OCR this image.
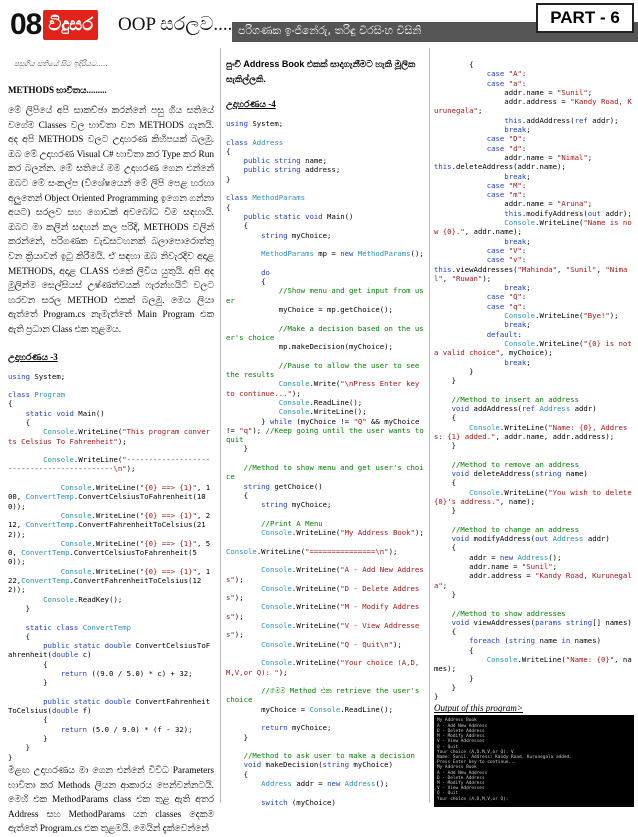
08 විදුසර OOP සරලව.... පරිගණක ඉංජිනේරු, තරිඳු වීරසිංහ විසිනි
PART - 6
පසුගිය සතියේ සිට ඉදිරියට.....
METHODS භාවිතය.........
මේ ලිපියේ අපි සාකච්ඡා කරන්නේ පසු ගිය සතියේ වගේම Classes වල භාවිතා වන METHODS ගැනයි. අද අපි METHODS වලට උදාහරණ කිහිපයක් බලමු. ඔබ මේ උදාහරණ Visual C# භාවිතා කර Type කර Run කර බලන්න. මේ සතියේ මම උදාහරණ ගෙන එන්නේ ඔබට මේ සංකල්ප (විශේෂයෙන් මේ ලිපි පෙළ හරහා අලුතෙන් Object Oriented Programming ඉගෙන ගන්නා අයට) සරලව සහ ගොඩක් අවබෝධ වීම සඳහායි. ඔබට මා කලින් සඳහන් කල පරිදි, METHODS වලින් කරන්නේ, පරිගණක වැඩසටහනක් බලාපොරොත්තු වන ක්‍රියාවන් ඉටු කිරීමයි. ඒ සඳහා ඔබ නිවැරදිව අදාළ METHODS, අදාළ CLASS එකේ ලිවිය යුතුයි. අපි අද මුලින්ම සෙල්සියස් උෂ්ණත්වයක් ෆැරන්හයිට් වලට හරවන සරල METHOD එකක් බලමු. මෙය ලියා ඇත්තේ Program.cs නැමැත්තේ Main Program එක ඇති ප්‍රධාන Class එක තුළමය.
උදාහරණය -3
using System;

class Program
{
static void Main()
{
Console.WriteLine("This program converts Celsius To Fahrenheit");

Console.WriteLine("-------------------------------------------\n");

Console.WriteLine("{0} ==> {1}", 100, ConvertTemp.ConvertCelsiusToFahrenheit(100));
Console.WriteLine("{0} ==> {1}", 212, ConvertTemp.ConvertFahrenheitToCelsius(212));
Console.WriteLine("{0} ==> {1}", 50, ConvertTemp.ConvertCelsiusToFahrenheit(50));
Console.WriteLine("{0} ==> {1}", 122,ConvertTemp.ConvertFahrenheitToCelsius(122));
Console.ReadKey();
}

static class ConvertTemp
{
public static double ConvertCelsiusToFahrenheit(double c)
{
return ((9.0 / 5.0) * c) + 32;
}

public static double ConvertFahrenheitToCelsius(double f)
{
return (5.0 / 9.0) * (f - 32);
}
}
}
මීළඟ උදාහරණය මා ගෙන එන්නේ විවිධ Parameters භාවිතා කර Methods ලියන ආකාරය පෙන්වන්නටයි. මෙහි එක MethodParams class එක තුළ ඇති අතර Address සහ MethodParams යන classes දෙකම ඇත්තේ Program.cs එක තුළමයි. මෙයින් දැක්වෙන්නේ
පුංචි Address Book එකක් සාදාගැනීමට හැකි මූලික සැකිල්ලකි.
උදාහරණය -4
using System;

class Address
{
public string name;
public string address;
}

class MethodParams
{
public static void Main()
{
string myChoice;

MethodParams mp = new MethodParams();

do
{
//Show menu and get input from user
myChoice = mp.getChoice();

//Make a decision based on the user's choice
mp.makeDecision(myChoice);

//Pause to allow the user to see the results
Console.Write("\nPress Enter key to continue...");
Console.ReadLine();
Console.WriteLine();
} while (myChoice != "Q" && myChoice != "q"); //Keep going until the user wants to quit
}

//Method to show menu and get user's choice
string getChoice()
{
string myChoice;

//Print A Menu
Console.WriteLine("My Address Book");

Console.WriteLine("===============\n");

Console.WriteLine("A - Add New Address");
Console.WriteLine("D - Delete Address");
Console.WriteLine("M - Modify Address");
Console.WriteLine("V - View Addresses");
Console.WriteLine("Q - Quit\n");

Console.WriteLine("Your choice (A,D,M,V,or Q): ");

//මෙම Method එක retrieve the user's choice
myChoice = Console.ReadLine();

return myChoice;
}

//Method to ask user to make a decision
void makeDecision(string myChoice)
{
Address addr = new Address();

switch (myChoice)
{
case "A":
case "a":
addr.name = "Sunil";
addr.address = "Kandy Road, Kurunegala";
this.addAddress(ref addr);
break;
case "D":
case "d":
addr.name = "Nimal";
this.deleteAddress(addr.name);
break;
case "M":
case "m":
addr.name = "Aruna";
this.modifyAddress(out addr);
Console.WriteLine("Name is now {0}.", addr.name);
break;
case "V":
case "v":
this.viewAddresses("Mahinda", "Sunil", "Nimal", "Ruwan");
break;
case "Q":
case "q":
Console.WriteLine("Bye!");
break;
default:
Console.WriteLine("{0} is not a valid choice", myChoice);
break;
}
}

//Method to insert an address
void addAddress(ref Address addr)
{
Console.WriteLine("Name: {0}, Address: {1} added.", addr.name, addr.address);
}

//Method to remove an address
void deleteAddress(string name)
{
Console.WriteLine("You wish to delete {0}'s address.", name);
}

//Method to change an address
void modifyAddress(out Address addr)
{
addr = new Address();
addr.name = "Sunil";
addr.address = "Kandy Road, Kurunegala";
}

//Method to show addresses
void viewAddresses(params string[] names)
{
foreach (string name in names)
{
Console.WriteLine("Name: {0}", names);
}
}
}
Output of this program>
My Address Book
A - Add New Address
D - Delete Address
M - Modify Address
V - View Addresses
Q - Quit
Your choice (A,D,M,V,or Q): V
Name: Sunil, Address: Kandy Road, Kurunegala added.
Press Enter key to continue...
My Address Book
A - Add New Address
D - Delete Address
M - Modify Address
V - View Addresses
Q - Quit
Your choice (A,D,M,V,or Q):
